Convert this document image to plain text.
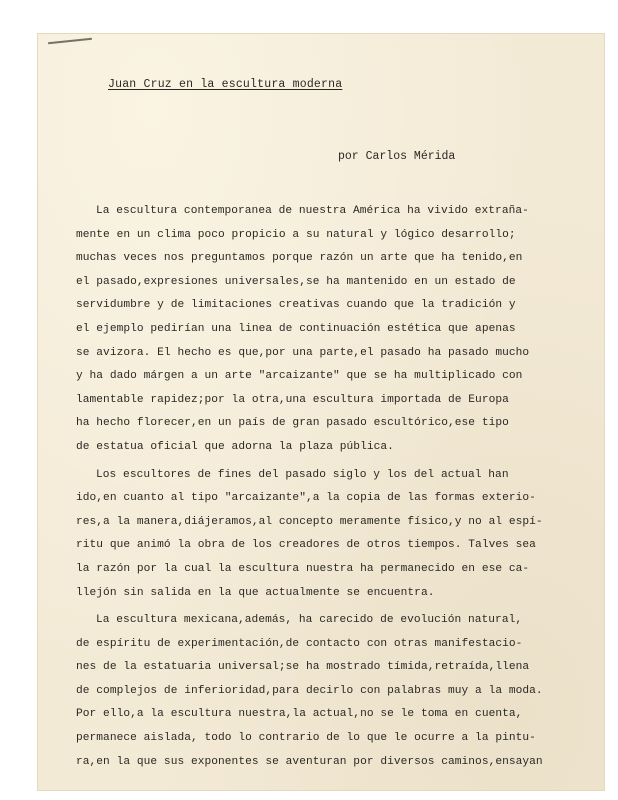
Juan Cruz en la escultura moderna
por Carlos Mérida
La escultura contemporanea de nuestra América ha vivido extraña-
mente en un clima poco propicio a su natural y lógico desarrollo;
muchas veces nos preguntamos porque razón un arte que ha tenido,en
el pasado,expresiones universales,se ha mantenido en un estado de
servidumbre y de limitaciones creativas cuando que la tradición y
el ejemplo pedirían una linea de continuación estética que apenas
se avizora. El hecho es que,por una parte,el pasado ha pasado mucho
y ha dado márgen a un arte "arcaizante" que se ha multiplicado con
lamentable rapidez;por la otra,una escultura importada de Europa
ha hecho florecer,en un país de gran pasado escultórico,ese tipo
de estatua oficial que adorna la plaza pública.
Los escultores de fines del pasado siglo y los del actual han
ido,en cuanto al tipo "arcaizante",a la copia de las formas exterio-
res,a la manera,diájeramos,al concepto meramente físico,y no al espí-
ritu que animó la obra de los creadores de otros tiempos. Talves sea
la razón por la cual la escultura nuestra ha permanecido en ese ca-
llejón sin salida en la que actualmente se encuentra.
La escultura mexicana,además, ha carecido de evolución natural,
de espíritu de experimentación,de contacto con otras manifestacio-
nes de la estatuaria universal;se ha mostrado tímida,retraída,llena
de complejos de inferioridad,para decirlo con palabras muy a la moda.
Por ello,a la escultura nuestra,la actual,no se le toma en cuenta,
permanece aislada, todo lo contrario de lo que le ocurre a la pintu-
ra,en la que sus exponentes se aventuran por diversos caminos,ensayan
